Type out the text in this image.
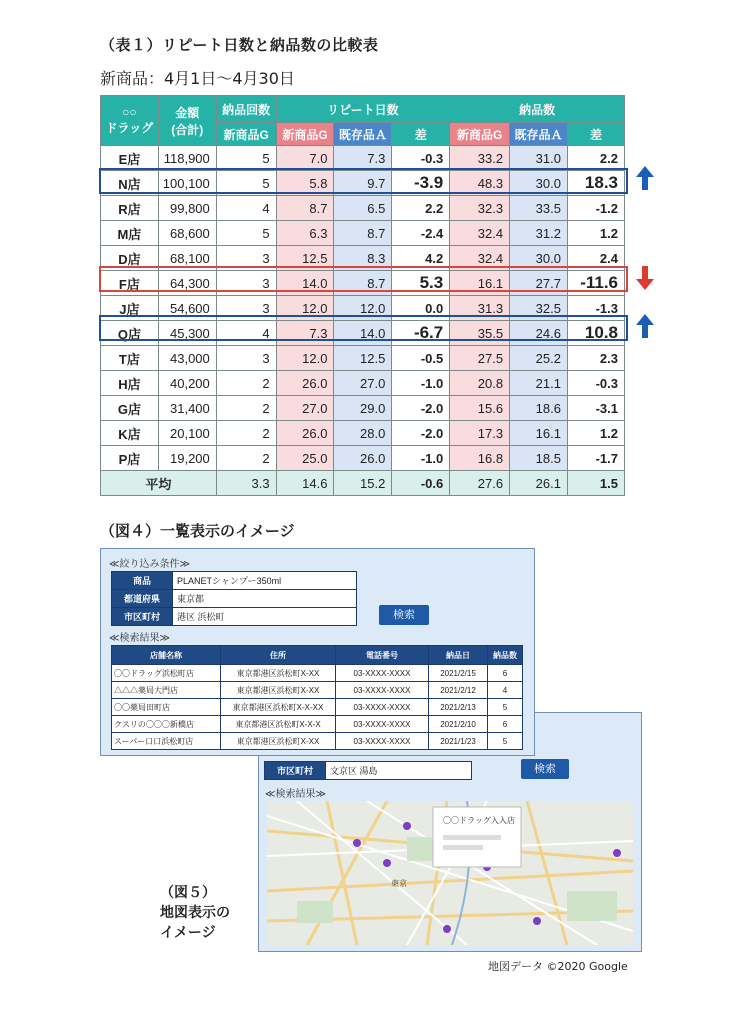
（表１）リピート日数と納品数の比較表
新商品：4月1日〜4月30日
○○
ドラッグ	金額
(合計)	納品回数	リピート日数			納品数		
		新商品G	新商品G	既存品Ａ	差	新商品G	既存品Ａ	差
E店	118,900	5	7.0	7.3	-0.3	33.2	31.0	2.2
N店	100,100	5	5.8	9.7	-3.9	48.3	30.0	18.3
R店	99,800	4	8.7	6.5	2.2	32.3	33.5	-1.2
M店	68,600	5	6.3	8.7	-2.4	32.4	31.2	1.2
D店	68,100	3	12.5	8.3	4.2	32.4	30.0	2.4
F店	64,300	3	14.0	8.7	5.3	16.1	27.7	-11.6
J店	54,600	3	12.0	12.0	0.0	31.3	32.5	-1.3
Q店	45,300	4	7.3	14.0	-6.7	35.5	24.6	10.8
T店	43,000	3	12.0	12.5	-0.5	27.5	25.2	2.3
H店	40,200	2	26.0	27.0	-1.0	20.8	21.1	-0.3
G店	31,400	2	27.0	29.0	-2.0	15.6	18.6	-3.1
K店	20,100	2	26.0	28.0	-2.0	17.3	16.1	1.2
P店	19,200	2	25.0	26.0	-1.0	16.8	18.5	-1.7
平均		3.3	14.6	15.2	-0.6	27.6	26.1	1.5
（図４）一覧表示のイメージ
市区町村	文京区 湯島	検索
≪検索結果≫
〇〇ドラッグ入入店
東京
≪絞り込み条件≫
商品	PLANETシャンプー350ml
都道府県	東京都
市区町村	港区 浜松町	検索
≪検索結果≫
店舗名称	住所	電話番号	納品日	納品数
〇〇ドラッグ浜松町店	東京都港区浜松町X-XX	03-XXXX-XXXX	2021/2/15	6
△△△薬局大門店	東京都港区浜松町X-XX	03-XXXX-XXXX	2021/2/12	4
〇〇薬局田町店	東京都港区浜松町X-X-XX	03-XXXX-XXXX	2021/2/13	5
クスリの〇〇〇新橋店	東京都港区浜松町X-X-X	03-XXXX-XXXX	2021/2/10	6
スーパー口口浜松町店	東京都港区浜松町X-XX	03-XXXX-XXXX	2021/1/23	5
（図５）
地図表示の
イメージ
地図データ ©2020 Google
